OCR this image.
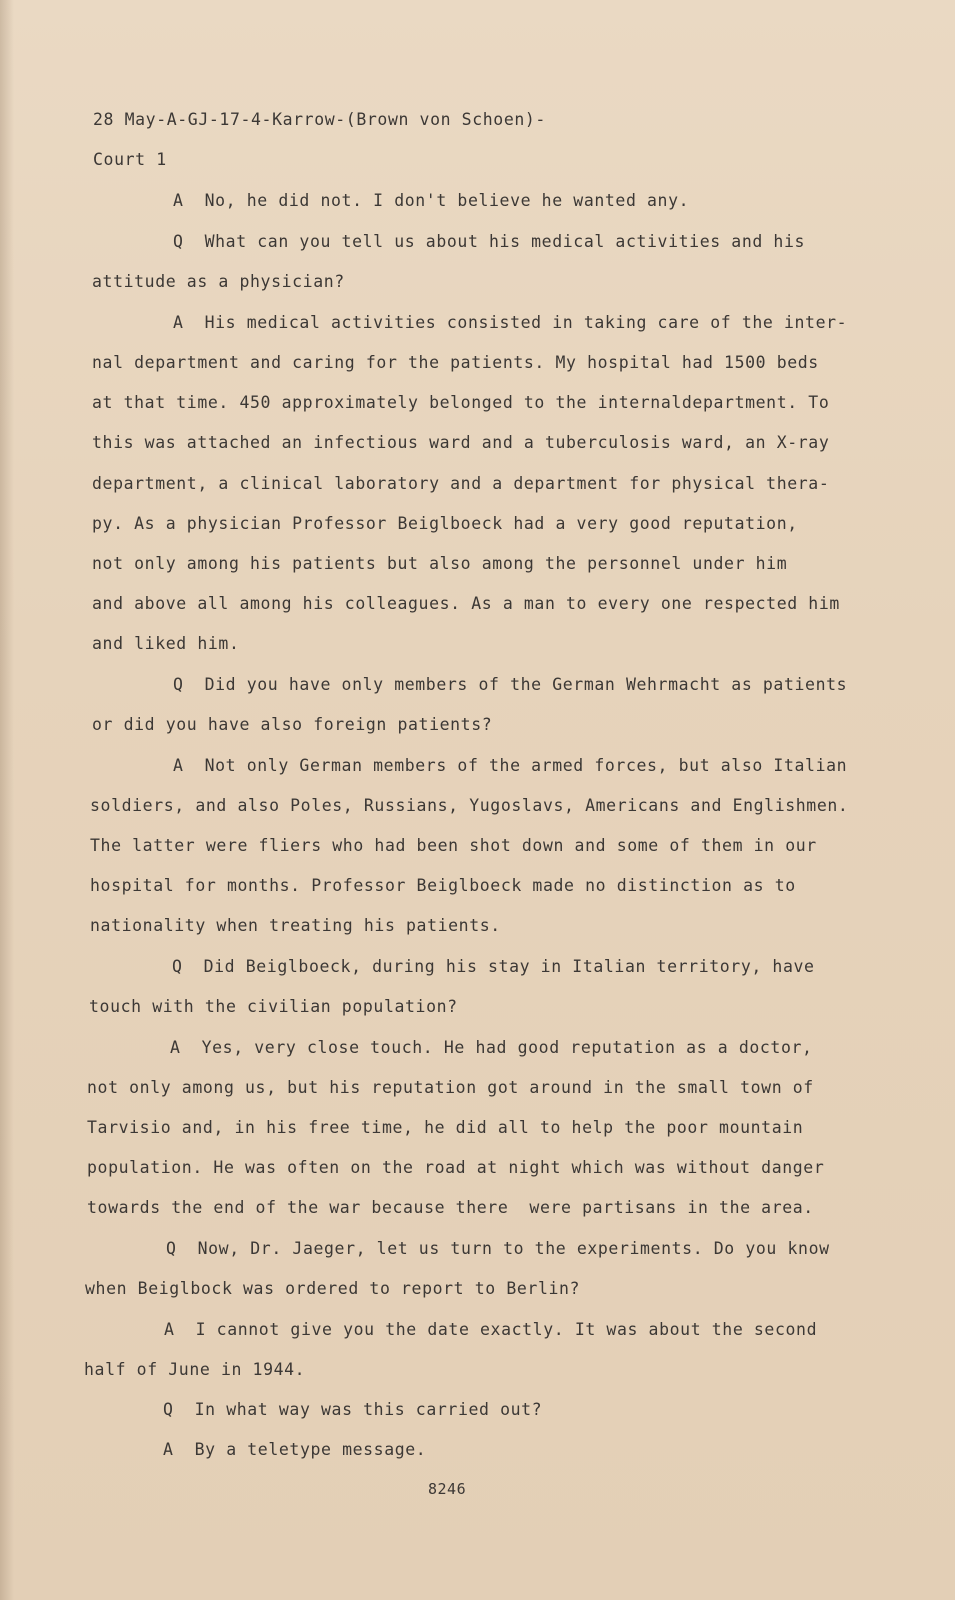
28 May-A-GJ-17-4-Karrow-(Brown von Schoen)-
Court 1
A  No, he did not. I don't believe he wanted any.
Q  What can you tell us about his medical activities and his
attitude as a physician?
A  His medical activities consisted in taking care of the inter-
nal department and caring for the patients. My hospital had 1500 beds
at that time. 450 approximately belonged to the internaldepartment. To
this was attached an infectious ward and a tuberculosis ward, an X-ray
department, a clinical laboratory and a department for physical thera-
py. As a physician Professor Beiglboeck had a very good reputation,
not only among his patients but also among the personnel under him
and above all among his colleagues. As a man to every one respected him
and liked him.
Q  Did you have only members of the German Wehrmacht as patients
or did you have also foreign patients?
A  Not only German members of the armed forces, but also Italian
soldiers, and also Poles, Russians, Yugoslavs, Americans and Englishmen.
The latter were fliers who had been shot down and some of them in our
hospital for months. Professor Beiglboeck made no distinction as to
nationality when treating his patients.
Q  Did Beiglboeck, during his stay in Italian territory, have
touch with the civilian population?
A  Yes, very close touch. He had good reputation as a doctor,
not only among us, but his reputation got around in the small town of
Tarvisio and, in his free time, he did all to help the poor mountain
population. He was often on the road at night which was without danger
towards the end of the war because there  were partisans in the area.
Q  Now, Dr. Jaeger, let us turn to the experiments. Do you know
when Beiglbock was ordered to report to Berlin?
A  I cannot give you the date exactly. It was about the second
half of June in 1944.
Q  In what way was this carried out?
A  By a teletype message.
8246
